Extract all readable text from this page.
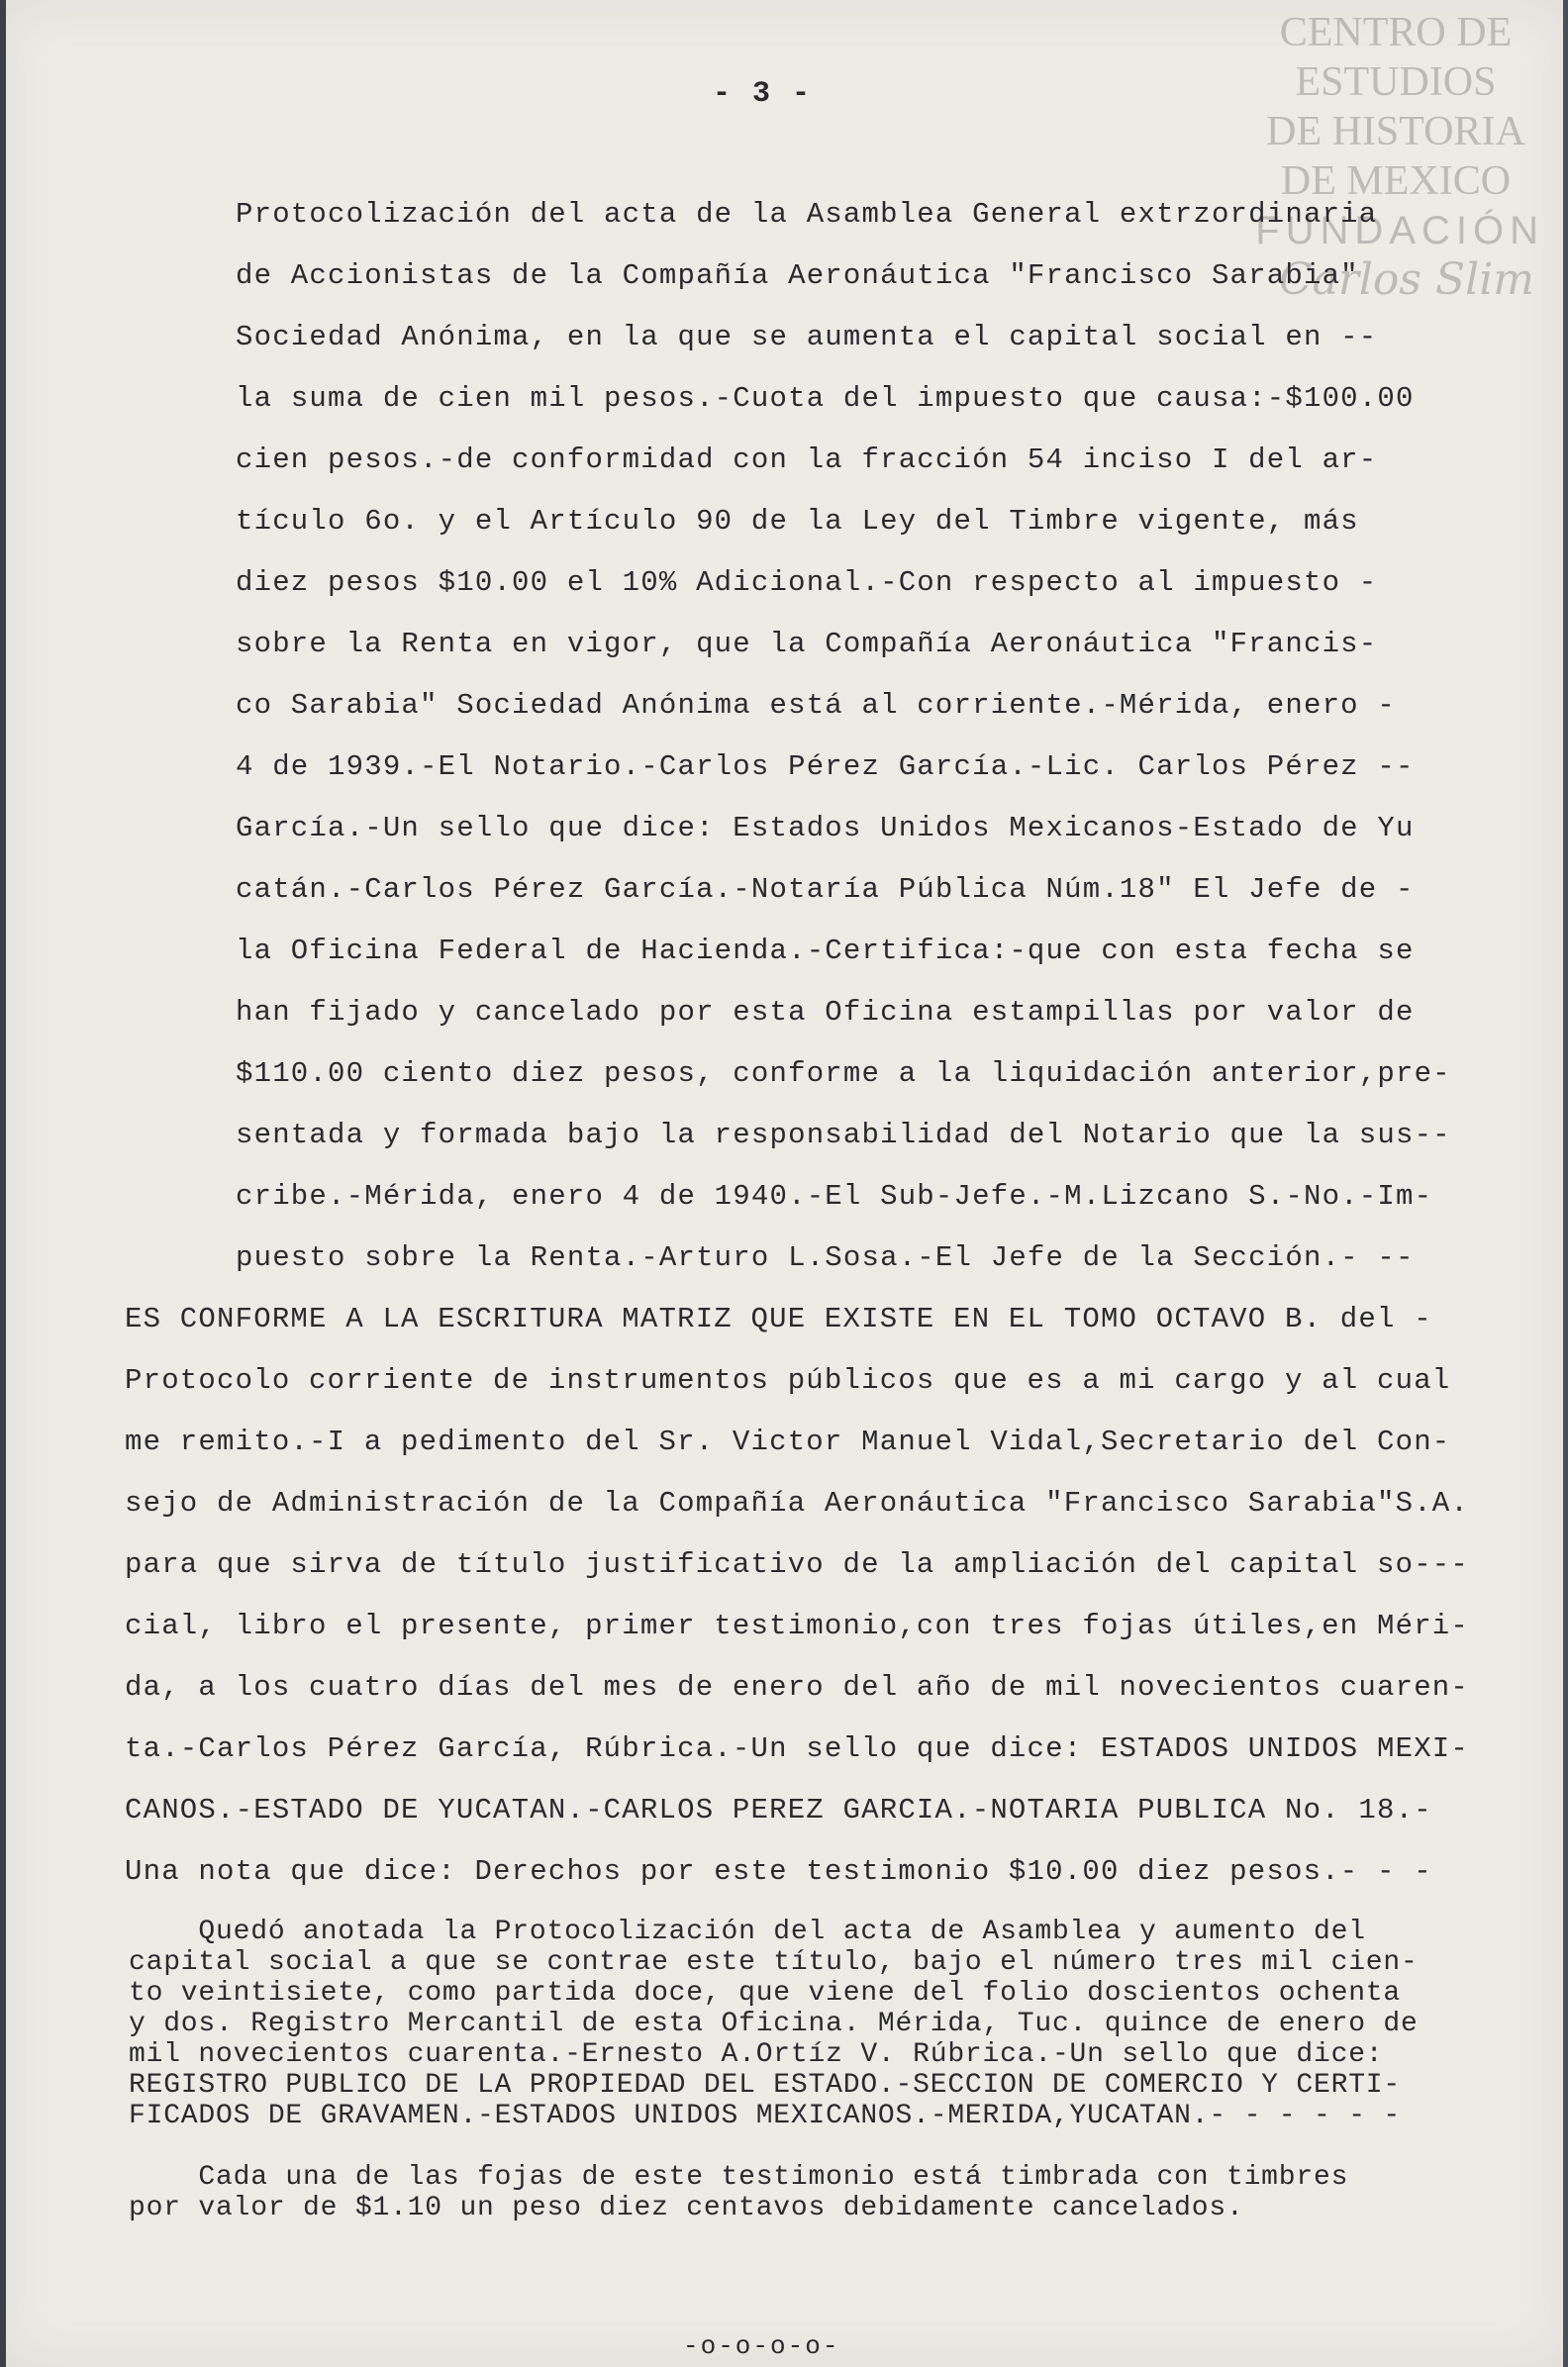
CENTRO DE
ESTUDIOS
DE HISTORIA
DE MEXICO
FUNDACIÓN
Carlos Slim
- 3 -
Protocolización del acta de la Asamblea General extrzordinaria
de Accionistas de la Compañía Aeronáutica "Francisco Sarabia"
Sociedad Anónima, en la que se aumenta el capital social en --
la suma de cien mil pesos.-Cuota del impuesto que causa:-$100.00
cien pesos.-de conformidad con la fracción 54 inciso I del ar-
tículo 6o. y el Artículo 90 de la Ley del Timbre vigente, más
diez pesos $10.00 el 10% Adicional.-Con respecto al impuesto -
sobre la Renta en vigor, que la Compañía Aeronáutica "Francis-
co Sarabia" Sociedad Anónima está al corriente.-Mérida, enero -
4 de 1939.-El Notario.-Carlos Pérez García.-Lic. Carlos Pérez --
García.-Un sello que dice: Estados Unidos Mexicanos-Estado de Yu
catán.-Carlos Pérez García.-Notaría Pública Núm.18" El Jefe de -
la Oficina Federal de Hacienda.-Certifica:-que con esta fecha se
han fijado y cancelado por esta Oficina estampillas por valor de
$110.00 ciento diez pesos, conforme a la liquidación anterior,pre-
sentada y formada bajo la responsabilidad del Notario que la sus--
cribe.-Mérida, enero 4 de 1940.-El Sub-Jefe.-M.Lizcano S.-No.-Im-
puesto sobre la Renta.-Arturo L.Sosa.-El Jefe de la Sección.- --
ES CONFORME A LA ESCRITURA MATRIZ QUE EXISTE EN EL TOMO OCTAVO B. del -
Protocolo corriente de instrumentos públicos que es a mi cargo y al cual
me remito.-I a pedimento del Sr. Victor Manuel Vidal,Secretario del Con-
sejo de Administración de la Compañía Aeronáutica "Francisco Sarabia"S.A.
para que sirva de título justificativo de la ampliación del capital so---
cial, libro el presente, primer testimonio,con tres fojas útiles,en Méri-
da, a los cuatro días del mes de enero del año de mil novecientos cuaren-
ta.-Carlos Pérez García, Rúbrica.-Un sello que dice: ESTADOS UNIDOS MEXI-
CANOS.-ESTADO DE YUCATAN.-CARLOS PEREZ GARCIA.-NOTARIA PUBLICA No. 18.-
Una nota que dice: Derechos por este testimonio $10.00 diez pesos.- - -
Quedó anotada la Protocolización del acta de Asamblea y aumento del
capital social a que se contrae este título, bajo el número tres mil cien-
to veintisiete, como partida doce, que viene del folio doscientos ochenta
y dos. Registro Mercantil de esta Oficina. Mérida, Tuc. quince de enero de
mil novecientos cuarenta.-Ernesto A.Ortíz V. Rúbrica.-Un sello que dice:
REGISTRO PUBLICO DE LA PROPIEDAD DEL ESTADO.-SECCION DE COMERCIO Y CERTI-
FICADOS DE GRAVAMEN.-ESTADOS UNIDOS MEXICANOS.-MERIDA,YUCATAN.- - - - - -
Cada una de las fojas de este testimonio está timbrada con timbres
por valor de $1.10 un peso diez centavos debidamente cancelados.
-o-o-o-o-
